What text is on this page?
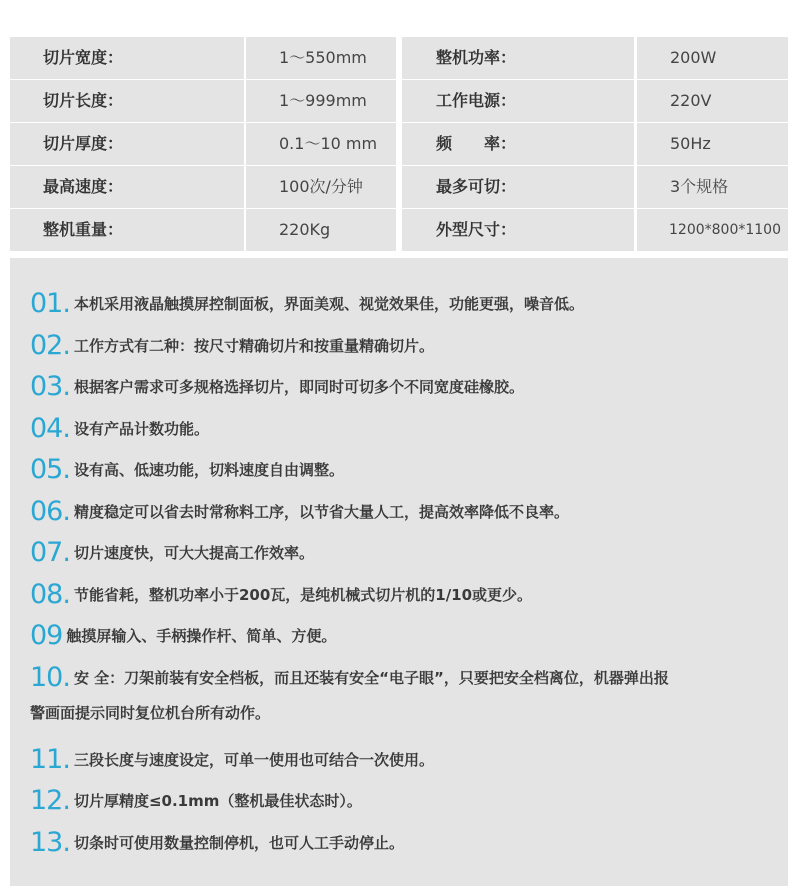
切片宽度：	1～550mm	整机功率：	200W
切片长度：	1～999mm	工作电源：	220V
切片厚度：	0.1～10 mm	频　　率：	50Hz
最高速度：	100次/分钟	最多可切：	3个规格
整机重量：	220Kg	外型尺寸：	1200*800*1100
01. 本机采用液晶触摸屏控制面板，界面美观、视觉效果佳，功能更强，噪音低。
02. 工作方式有二种：按尺寸精确切片和按重量精确切片。
03. 根据客户需求可多规格选择切片，即同时可切多个不同宽度硅橡胶。
04. 设有产品计数功能。
05. 设有高、低速功能，切料速度自由调整。
06. 精度稳定可以省去时常称料工序，以节省大量人工，提高效率降低不良率。
07. 切片速度快，可大大提高工作效率。
08. 节能省耗，整机功率小于200瓦，是纯机械式切片机的1/10或更少。
09 触摸屏输入、手柄操作杆、简单、方便。
10. 安 全：刀架前装有安全档板，而且还装有安全“电子眼”，只要把安全档离位，机器弹出报
警画面提示同时复位机台所有动作。
11. 三段长度与速度设定，可单一使用也可结合一次使用。
12. 切片厚精度≤0.1mm（整机最佳状态时）。
13. 切条时可使用数量控制停机，也可人工手动停止。
